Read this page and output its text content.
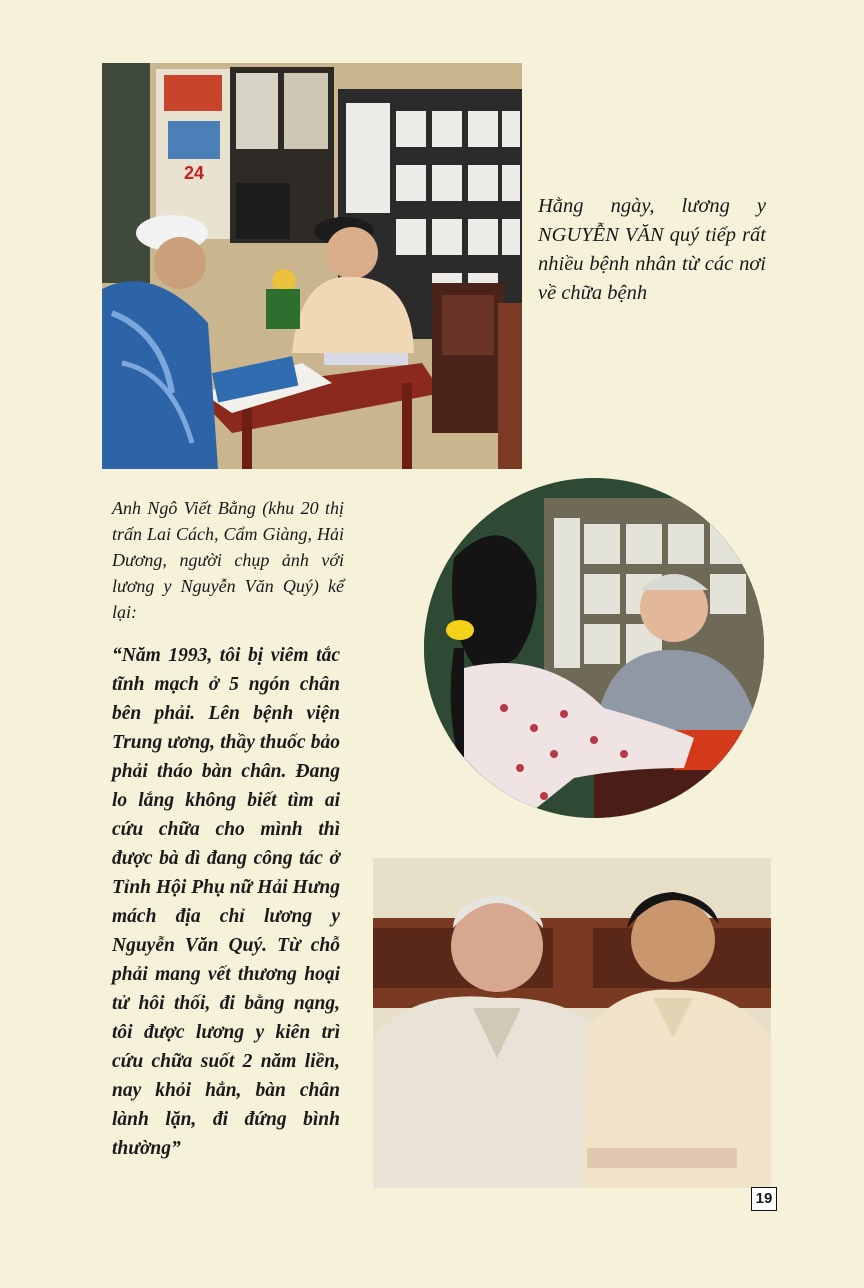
24
Hằng ngày, lương y NGUYỄN VĂN quý tiếp rất nhiều bệnh nhân từ các nơi về chữa bệnh
Anh Ngô Viết Bằng (khu 20 thị trấn Lai Cách, Cẩm Giàng, Hải Dương, người chụp ảnh với lương y Nguyễn Văn Quý) kể lại:
“Năm 1993, tôi bị viêm tắc tĩnh mạch ở 5 ngón chân bên phải. Lên bệnh viện Trung ương, thầy thuốc bảo phải tháo bàn chân. Đang lo lắng không biết tìm ai cứu chữa cho mình thì được bà dì đang công tác ở Tỉnh Hội Phụ nữ Hải Hưng mách địa chỉ lương y Nguyễn Văn Quý. Từ chỗ phải mang vết thương hoại tử hôi thối, đi bằng nạng, tôi được lương y kiên trì cứu chữa suốt 2 năm liền, nay khỏi hẳn, bàn chân lành lặn, đi đứng bình thường”
19
